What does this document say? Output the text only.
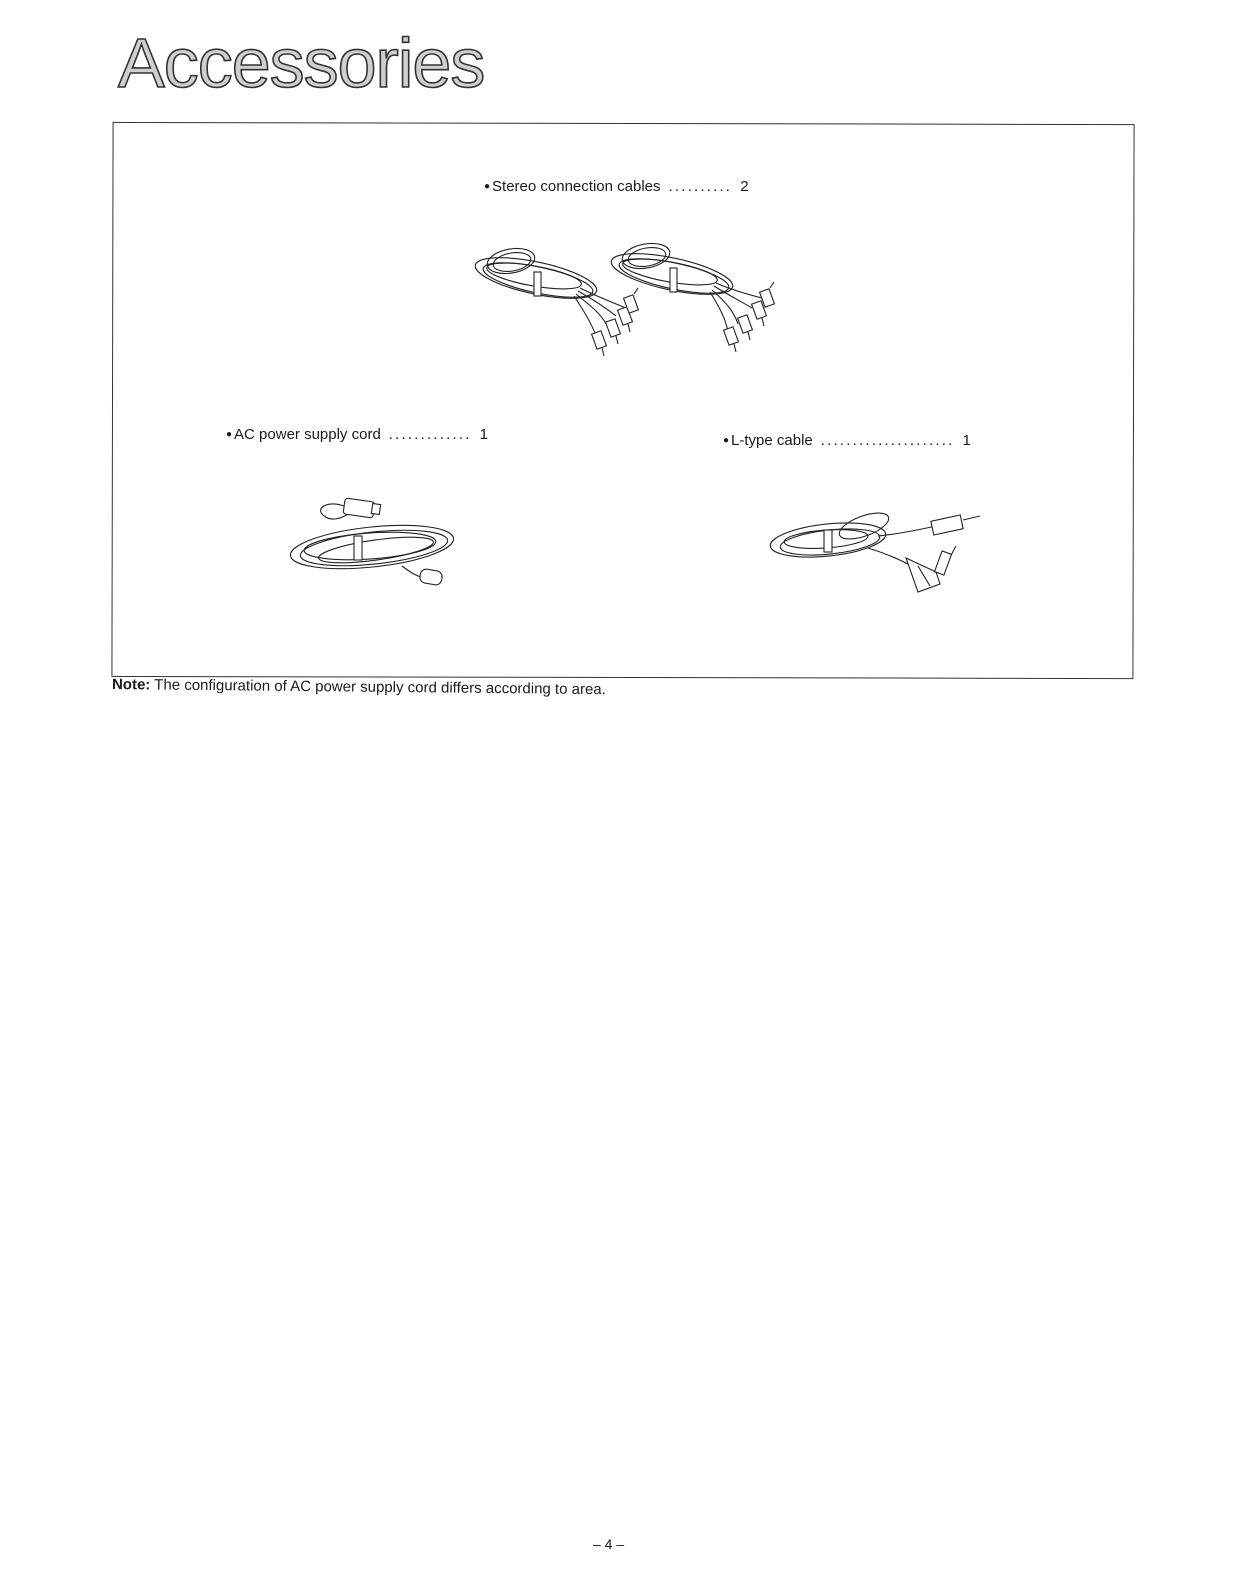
Accessories
● Stereo connection cables .......... 2
● AC power supply cord ............. 1	● L-type cable ..................... 1
Note: The configuration of AC power supply cord differs according to area.
– 4 –
